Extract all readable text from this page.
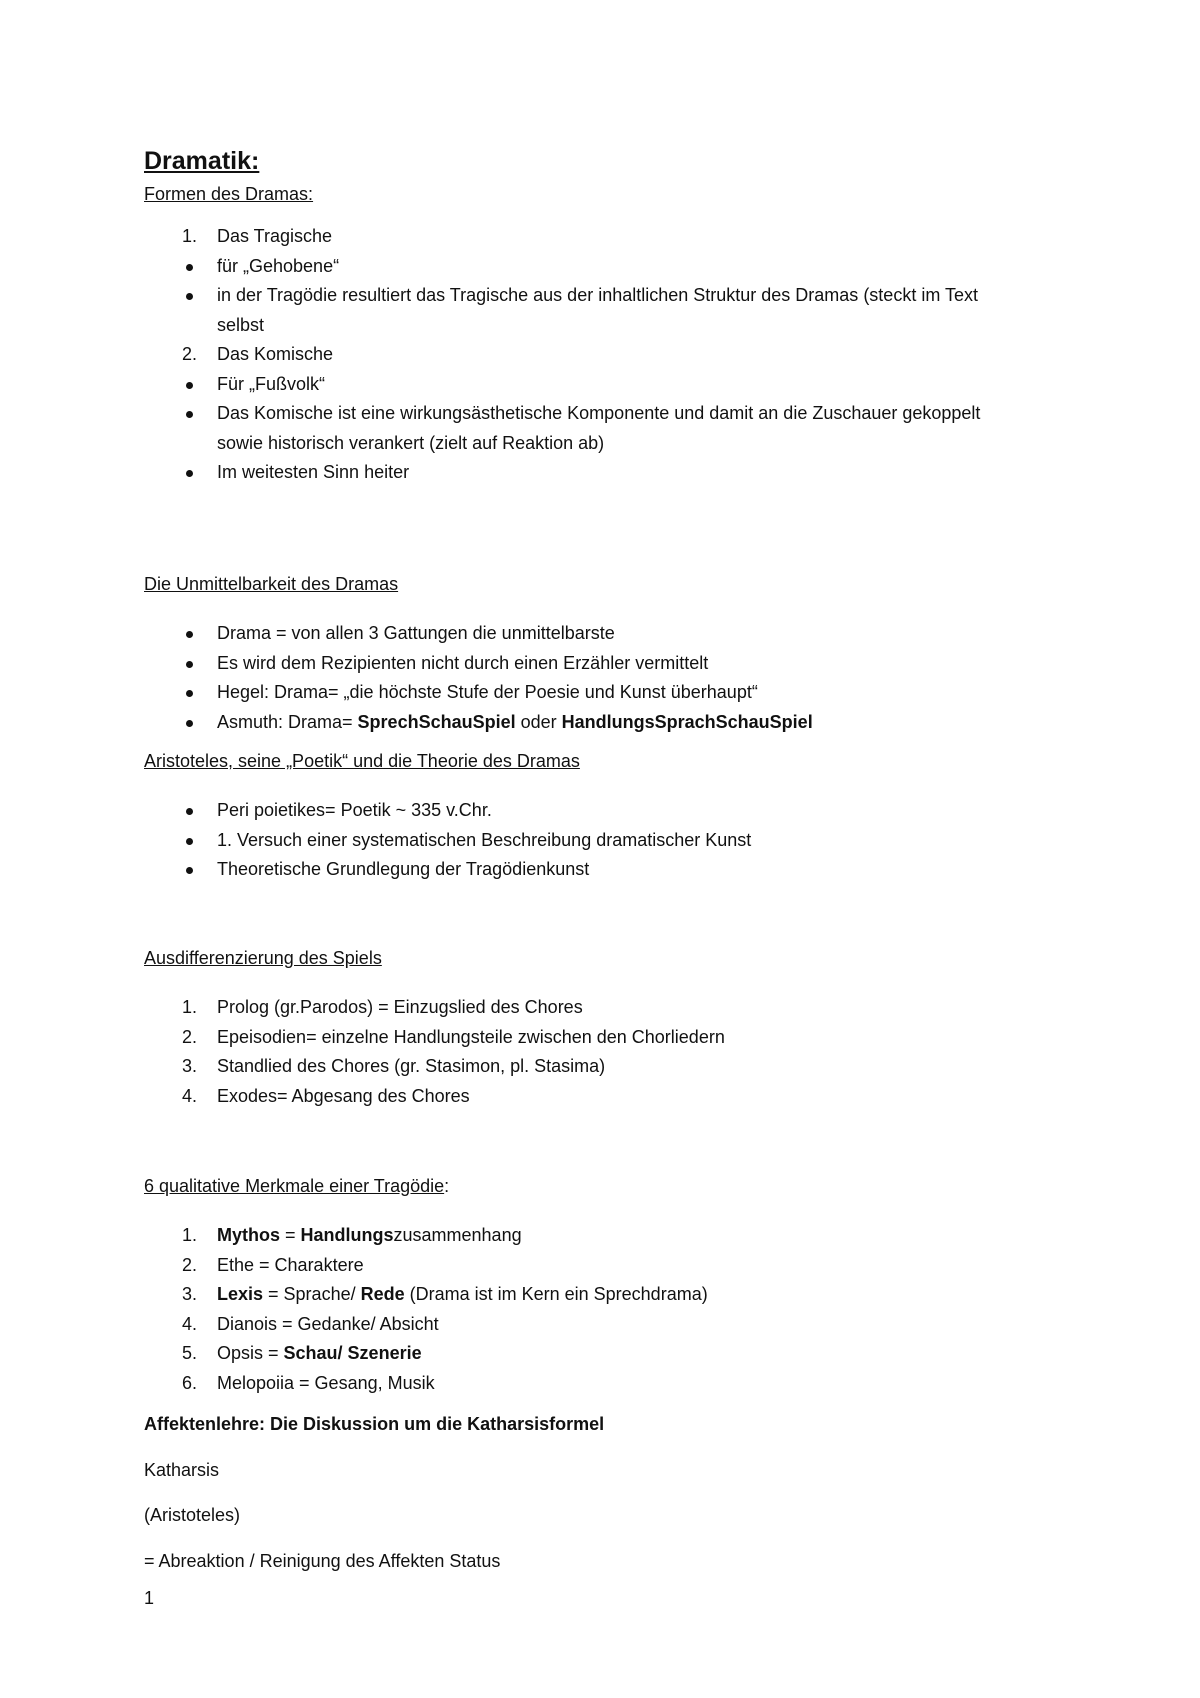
Dramatik:

Formen des Dramas:

1.	Das Tragische
für „Gehobene“
in der Tragödie resultiert das Tragische aus der inhaltlichen Struktur des Dramas (steckt im Text selbst
2.	Das Komische
Für „Fußvolk“
Das Komische ist eine wirkungsästhetische Komponente und damit an die Zuschauer gekoppelt sowie historisch verankert (zielt auf Reaktion ab)
Im weitesten Sinn heiter

Die Unmittelbarkeit des Dramas

Drama = von allen 3 Gattungen die unmittelbarste
Es wird dem Rezipienten nicht durch einen Erzähler vermittelt
Hegel: Drama= „die höchste Stufe der Poesie und Kunst überhaupt“
Asmuth: Drama= SprechSchauSpiel oder HandlungsSprachSchauSpiel

Aristoteles, seine „Poetik“ und die Theorie des Dramas

Peri poietikes= Poetik ~ 335 v.Chr.
1. Versuch einer systematischen Beschreibung dramatischer Kunst
Theoretische Grundlegung der Tragödienkunst

Ausdifferenzierung des Spiels

1.	Prolog (gr.Parodos) = Einzugslied des Chores
2.	Epeisodien= einzelne Handlungsteile zwischen den Chorliedern
3.	Standlied des Chores (gr. Stasimon, pl. Stasima)
4.	Exodes= Abgesang des Chores

6 qualitative Merkmale einer Tragödie:

1.	Mythos = Handlungszusammenhang
2.	Ethe = Charaktere
3.	Lexis = Sprache/ Rede (Drama ist im Kern ein Sprechdrama)
4.	Dianois = Gedanke/ Absicht
5.	Opsis = Schau/ Szenerie
6.	Melopoiia = Gesang, Musik

Affektenlehre: Die Diskussion um die Katharsisformel

Katharsis

(Aristoteles)

= Abreaktion / Reinigung des Affekten Status

1
